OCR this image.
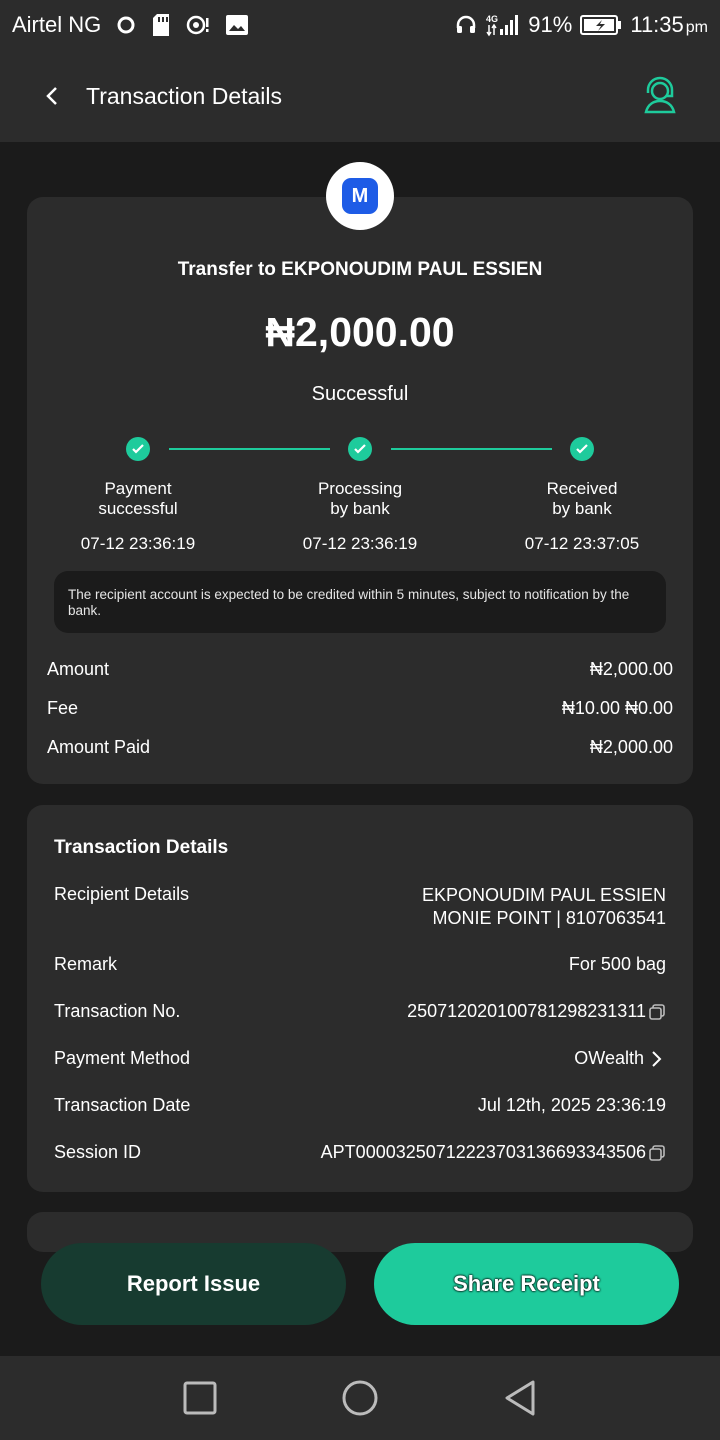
Airtel NG	4G 91%	11:35 pm
Transaction Details
M
Transfer to EKPONOUDIM PAUL ESSIEN
₦2,000.00
Successful
Payment
successful
Processing
by bank
Received
by bank
07-12 23:36:19	07-12 23:36:19	07-12 23:37:05
The recipient account is expected to be credited within 5 minutes, subject to notification by the bank.
Amount	₦2,000.00
Fee	₦10.00 ₦0.00
Amount Paid	₦2,000.00
Transaction Details
Recipient Details	EKPONOUDIM PAUL ESSIEN
MONIE POINT | 8107063541
Remark	For 500 bag
Transaction No.	250712020100781298231311
Payment Method	OWealth
Transaction Date	Jul 12th, 2025 23:36:19
Session ID	APT000032507122237031366933435​06
Report Issue	Share Receipt
